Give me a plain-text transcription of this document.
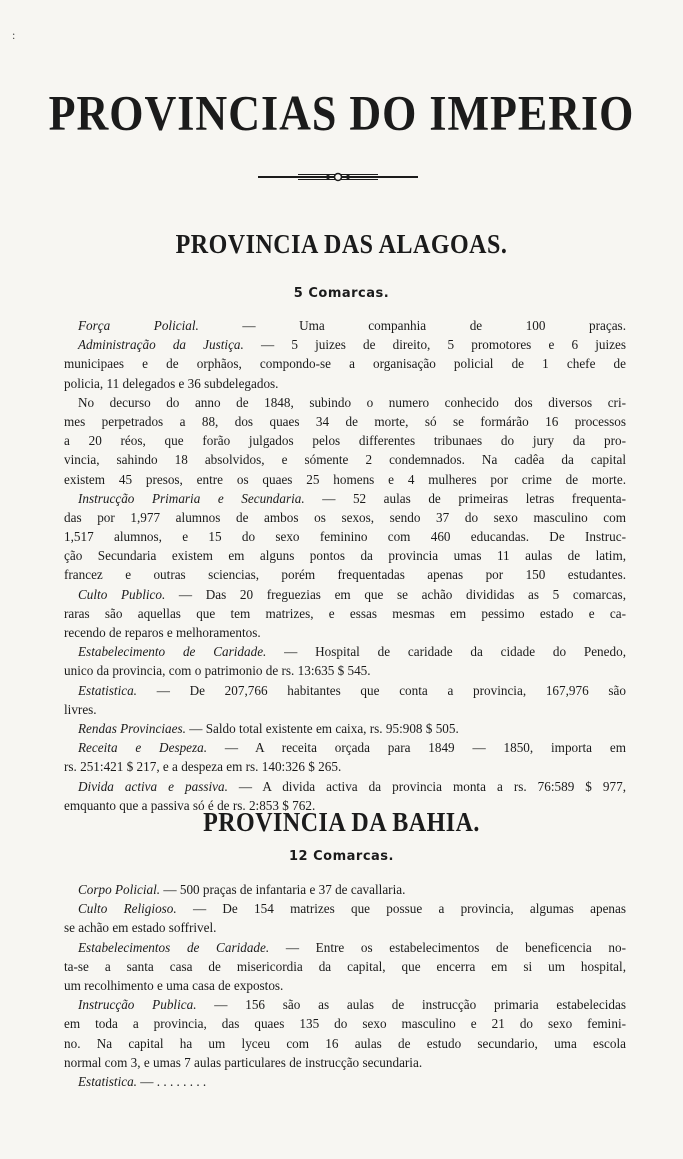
:
PROVINCIAS DO IMPERIO
PROVINCIA DAS ALAGOAS.
5 Comarcas.
Força Policial. — Uma companhia de 100 praças.
Administração da Justiça. — 5 juizes de direito, 5 promotores e 6 juizes
municipaes e de orphãos, compondo-se a organisação policial de 1 chefe de
policia, 11 delegados e 36 subdelegados.
No decurso do anno de 1848, subindo o numero conhecido dos diversos cri-
mes perpetrados a 88, dos quaes 34 de morte, só se formárão 16 processos
a 20 réos, que forão julgados pelos differentes tribunaes do jury da pro-
vincia, sahindo 18 absolvidos, e sómente 2 condemnados. Na cadêa da capital
existem 45 presos, entre os quaes 25 homens e 4 mulheres por crime de morte.
Instrucção Primaria e Secundaria. — 52 aulas de primeiras letras frequenta-
das por 1,977 alumnos de ambos os sexos, sendo 37 do sexo masculino com
1,517 alumnos, e 15 do sexo feminino com 460 educandas. De Instruc-
ção Secundaria existem em alguns pontos da provincia umas 11 aulas de latim,
francez e outras sciencias, porém frequentadas apenas por 150 estudantes.
Culto Publico. — Das 20 freguezias em que se achão divididas as 5 comarcas,
raras são aquellas que tem matrizes, e essas mesmas em pessimo estado e ca-
recendo de reparos e melhoramentos.
Estabelecimento de Caridade. — Hospital de caridade da cidade do Penedo,
unico da provincia, com o patrimonio de rs. 13:635 $ 545.
Estatistica. — De 207,766 habitantes que conta a provincia, 167,976 são
livres.
Rendas Provinciaes. — Saldo total existente em caixa, rs. 95:908 $ 505.
Receita e Despeza. — A receita orçada para 1849 — 1850, importa em
rs. 251:421 $ 217, e a despeza em rs. 140:326 $ 265.
Divida activa e passiva. — A divida activa da provincia monta a rs. 76:589 $ 977,
emquanto que a passiva só é de rs. 2:853 $ 762.
PROVINCIA DA BAHIA.
12 Comarcas.
Corpo Policial. — 500 praças de infantaria e 37 de cavallaria.
Culto Religioso. — De 154 matrizes que possue a provincia, algumas apenas
se achão em estado soffrivel.
Estabelecimentos de Caridade. — Entre os estabelecimentos de beneficencia no-
ta-se a santa casa de misericordia da capital, que encerra em si um hospital,
um recolhimento e uma casa de expostos.
Instrucção Publica. — 156 são as aulas de instrucção primaria estabelecidas
em toda a provincia, das quaes 135 do sexo masculino e 21 do sexo femini-
no. Na capital ha um lyceu com 16 aulas de estudo secundario, uma escola
normal com 3, e umas 7 aulas particulares de instrucção secundaria.
Estatistica. — . . . . . . . .
